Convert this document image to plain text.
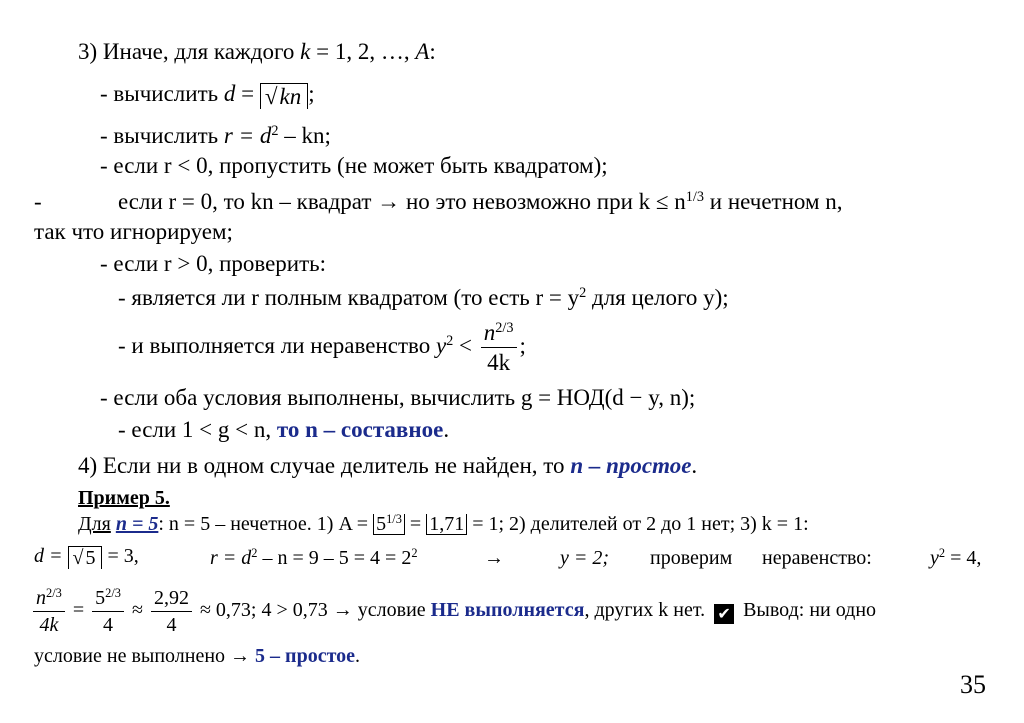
3) Иначе, для каждого k = 1, 2, …, A:
- вычислить d = √kn ;
- вычислить $r = d^2$ – kn;
- если r < 0, пропустить (не может быть квадратом);
-	если r = 0, то kn – квадрат → но это невозможно при $k \le n^{1/3}$ и нечетном n,
так что игнорируем;
- если r > 0, проверить:
- является ли r полным квадратом (то есть $r = y^2$ для целого y);
- и выполняется ли неравенство $y^2 < \frac{n^{2/3}}{4k}$ ;
- если оба условия выполнены, вычислить g = НОД(d − y, n);
- если 1 < g < n, то n – составное.
4) Если ни в одном случае делитель не найден, то n – простое.
Пример 5.
Для n = 5: n = 5 – нечетное. 1) $A = 5^{1/3} = 1,71 = 1$; 2) делителей от 2 до 1 нет; 3) k = 1:
d = √ 5 = 3,	$r = d^2 - n = 9 - 5 = 4 = 2^2$	→	y = 2; проверим неравенство:	$y^2 = 4$,
$\frac{n^{2/3}}{4k} = \frac{5^{2/3}}{4} \approx \frac{2,92}{4} \approx 0,73$; 4 > 0,73 → условие НЕ выполняется, других k нет. ✔ Вывод: ни одно
условие не выполнено → 5 – простое.
35
